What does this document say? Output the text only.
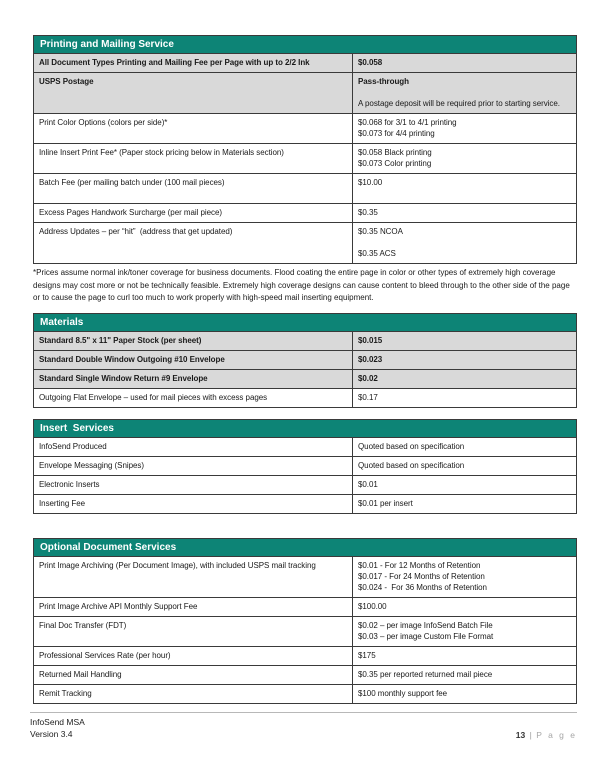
Printing and Mailing Service
All Document Types Printing and Mailing Fee per Page with up to 2/2 Ink	$0.058
USPS Postage	Pass-through
A postage deposit will be required prior to starting service.
Print Color Options (colors per side)*	$0.068 for 3/1 to 4/1 printing
$0.073 for 4/4 printing
Inline Insert Print Fee* (Paper stock pricing below in Materials section)	$0.058 Black printing
$0.073 Color printing
Batch Fee (per mailing batch under (100 mail pieces)	$10.00
Excess Pages Handwork Surcharge (per mail piece)	$0.35
Address Updates – per “hit”  (address that get updated)	$0.35 NCOA
$0.35 ACS

*Prices assume normal ink/toner coverage for business documents. Flood coating the entire page in color or other types of extremely high coverage designs may cost more or not be technically feasible. Extremely high coverage designs can cause content to bleed through to the other side of the page or to cause the page to curl too much to work properly with high-speed mail inserting equipment.

Materials
Standard 8.5" x 11" Paper Stock (per sheet)	$0.015
Standard Double Window Outgoing #10 Envelope	$0.023
Standard Single Window Return #9 Envelope	$0.02
Outgoing Flat Envelope – used for mail pieces with excess pages	$0.17
Insert  Services
InfoSend Produced	Quoted based on specification
Envelope Messaging (Snipes)	Quoted based on specification
Electronic Inserts	$0.01
Inserting Fee	$0.01 per insert
Optional Document Services
Print Image Archiving (Per Document Image), with included USPS mail tracking	$0.01 - For 12 Months of Retention
$0.017 - For 24 Months of Retention
$0.024 -  For 36 Months of Retention
Print Image Archive API Monthly Support Fee	$100.00
Final Doc Transfer (FDT)	$0.02 – per image InfoSend Batch File
$0.03 – per image Custom File Format
Professional Services Rate (per hour)	$175
Returned Mail Handling	$0.35 per reported returned mail piece
Remit Tracking	$100 monthly support fee
InfoSend MSA
Version 3.4	13 | P a g e
